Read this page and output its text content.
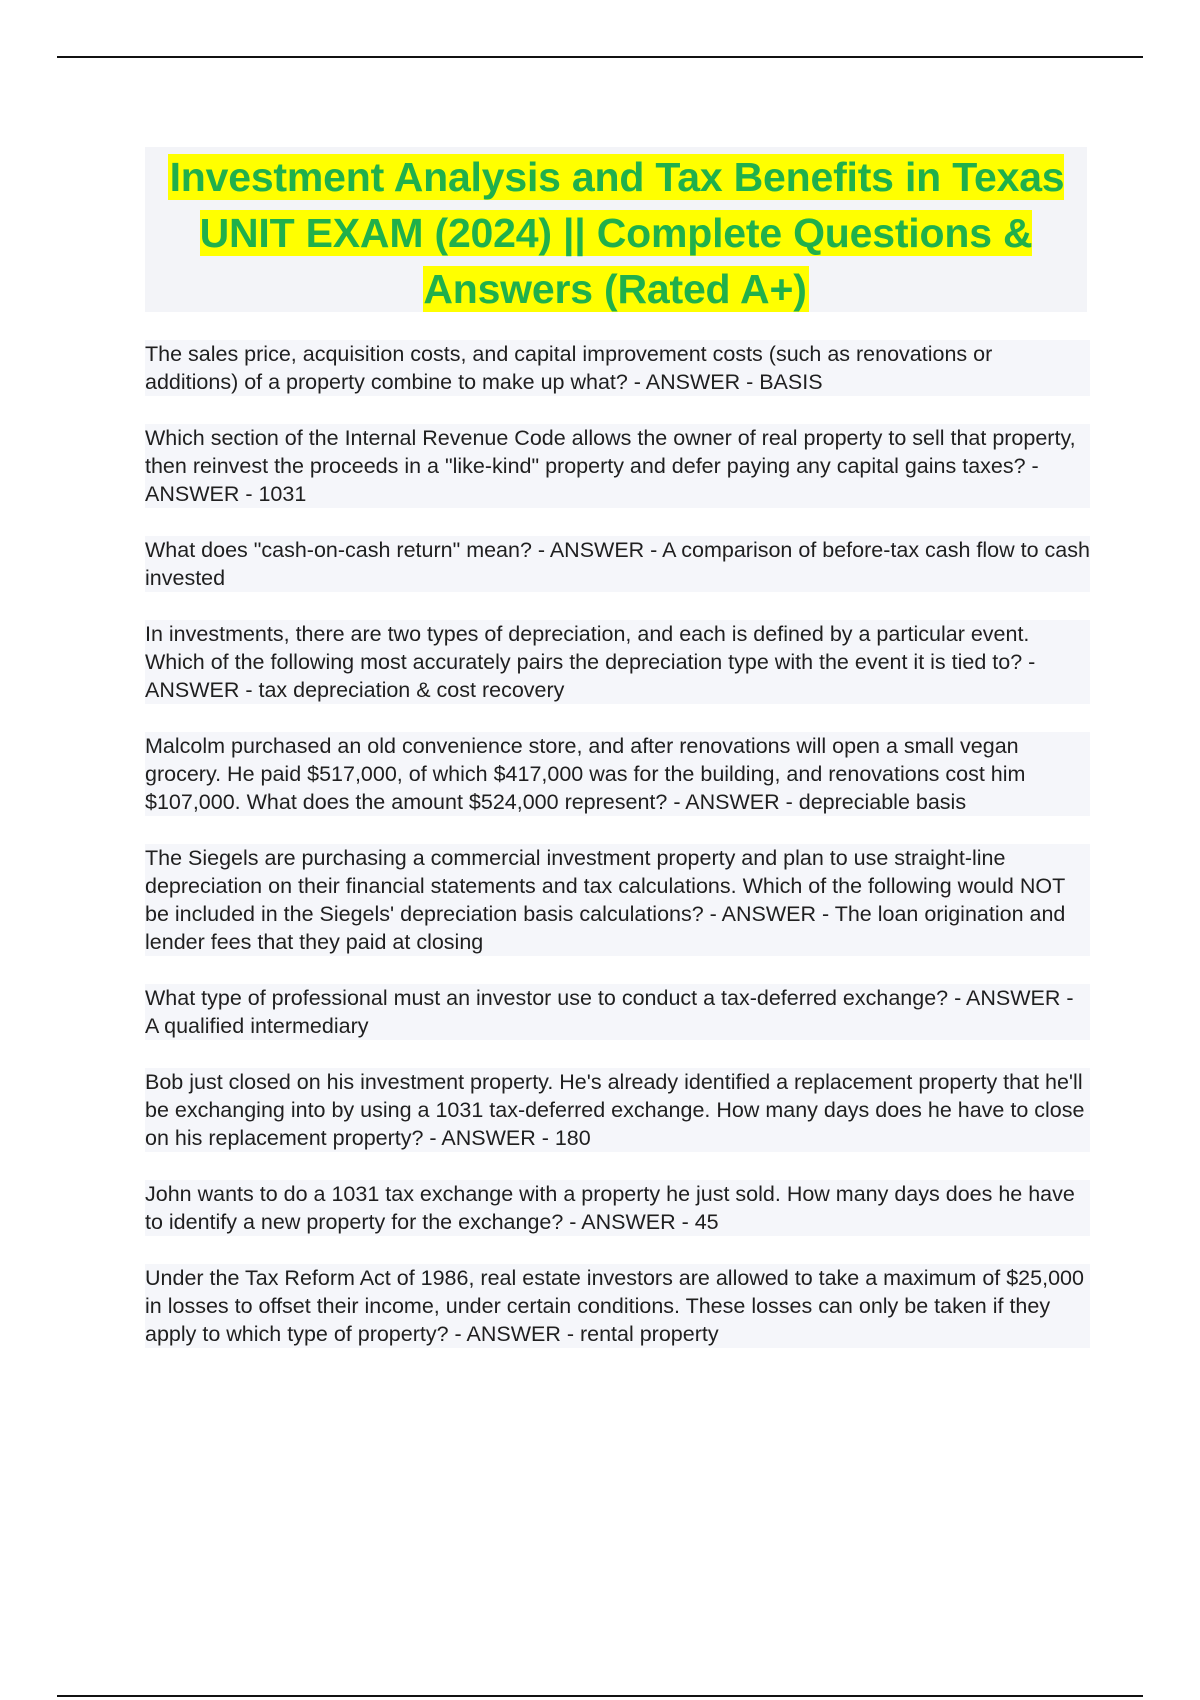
Investment Analysis and Tax Benefits in Texas UNIT EXAM (2024) || Complete Questions & Answers (Rated A+)

The sales price, acquisition costs, and capital improvement costs (such as renovations or additions) of a property combine to make up what? - ANSWER - BASIS

Which section of the Internal Revenue Code allows the owner of real property to sell that property, then reinvest the proceeds in a "like-kind" property and defer paying any capital gains taxes? - ANSWER - 1031

What does "cash-on-cash return" mean? - ANSWER - A comparison of before-tax cash flow to cash invested

In investments, there are two types of depreciation, and each is defined by a particular event. Which of the following most accurately pairs the depreciation type with the event it is tied to? - ANSWER - tax depreciation & cost recovery

Malcolm purchased an old convenience store, and after renovations will open a small vegan grocery. He paid $517,000, of which $417,000 was for the building, and renovations cost him $107,000. What does the amount $524,000 represent? - ANSWER - depreciable basis

The Siegels are purchasing a commercial investment property and plan to use straight-line depreciation on their financial statements and tax calculations. Which of the following would NOT be included in the Siegels' depreciation basis calculations? - ANSWER - The loan origination and lender fees that they paid at closing

What type of professional must an investor use to conduct a tax-deferred exchange? - ANSWER - A qualified intermediary

Bob just closed on his investment property. He's already identified a replacement property that he'll be exchanging into by using a 1031 tax-deferred exchange. How many days does he have to close on his replacement property? - ANSWER - 180

John wants to do a 1031 tax exchange with a property he just sold. How many days does he have to identify a new property for the exchange? - ANSWER - 45

Under the Tax Reform Act of 1986, real estate investors are allowed to take a maximum of $25,000 in losses to offset their income, under certain conditions. These losses can only be taken if they apply to which type of property? - ANSWER - rental property
